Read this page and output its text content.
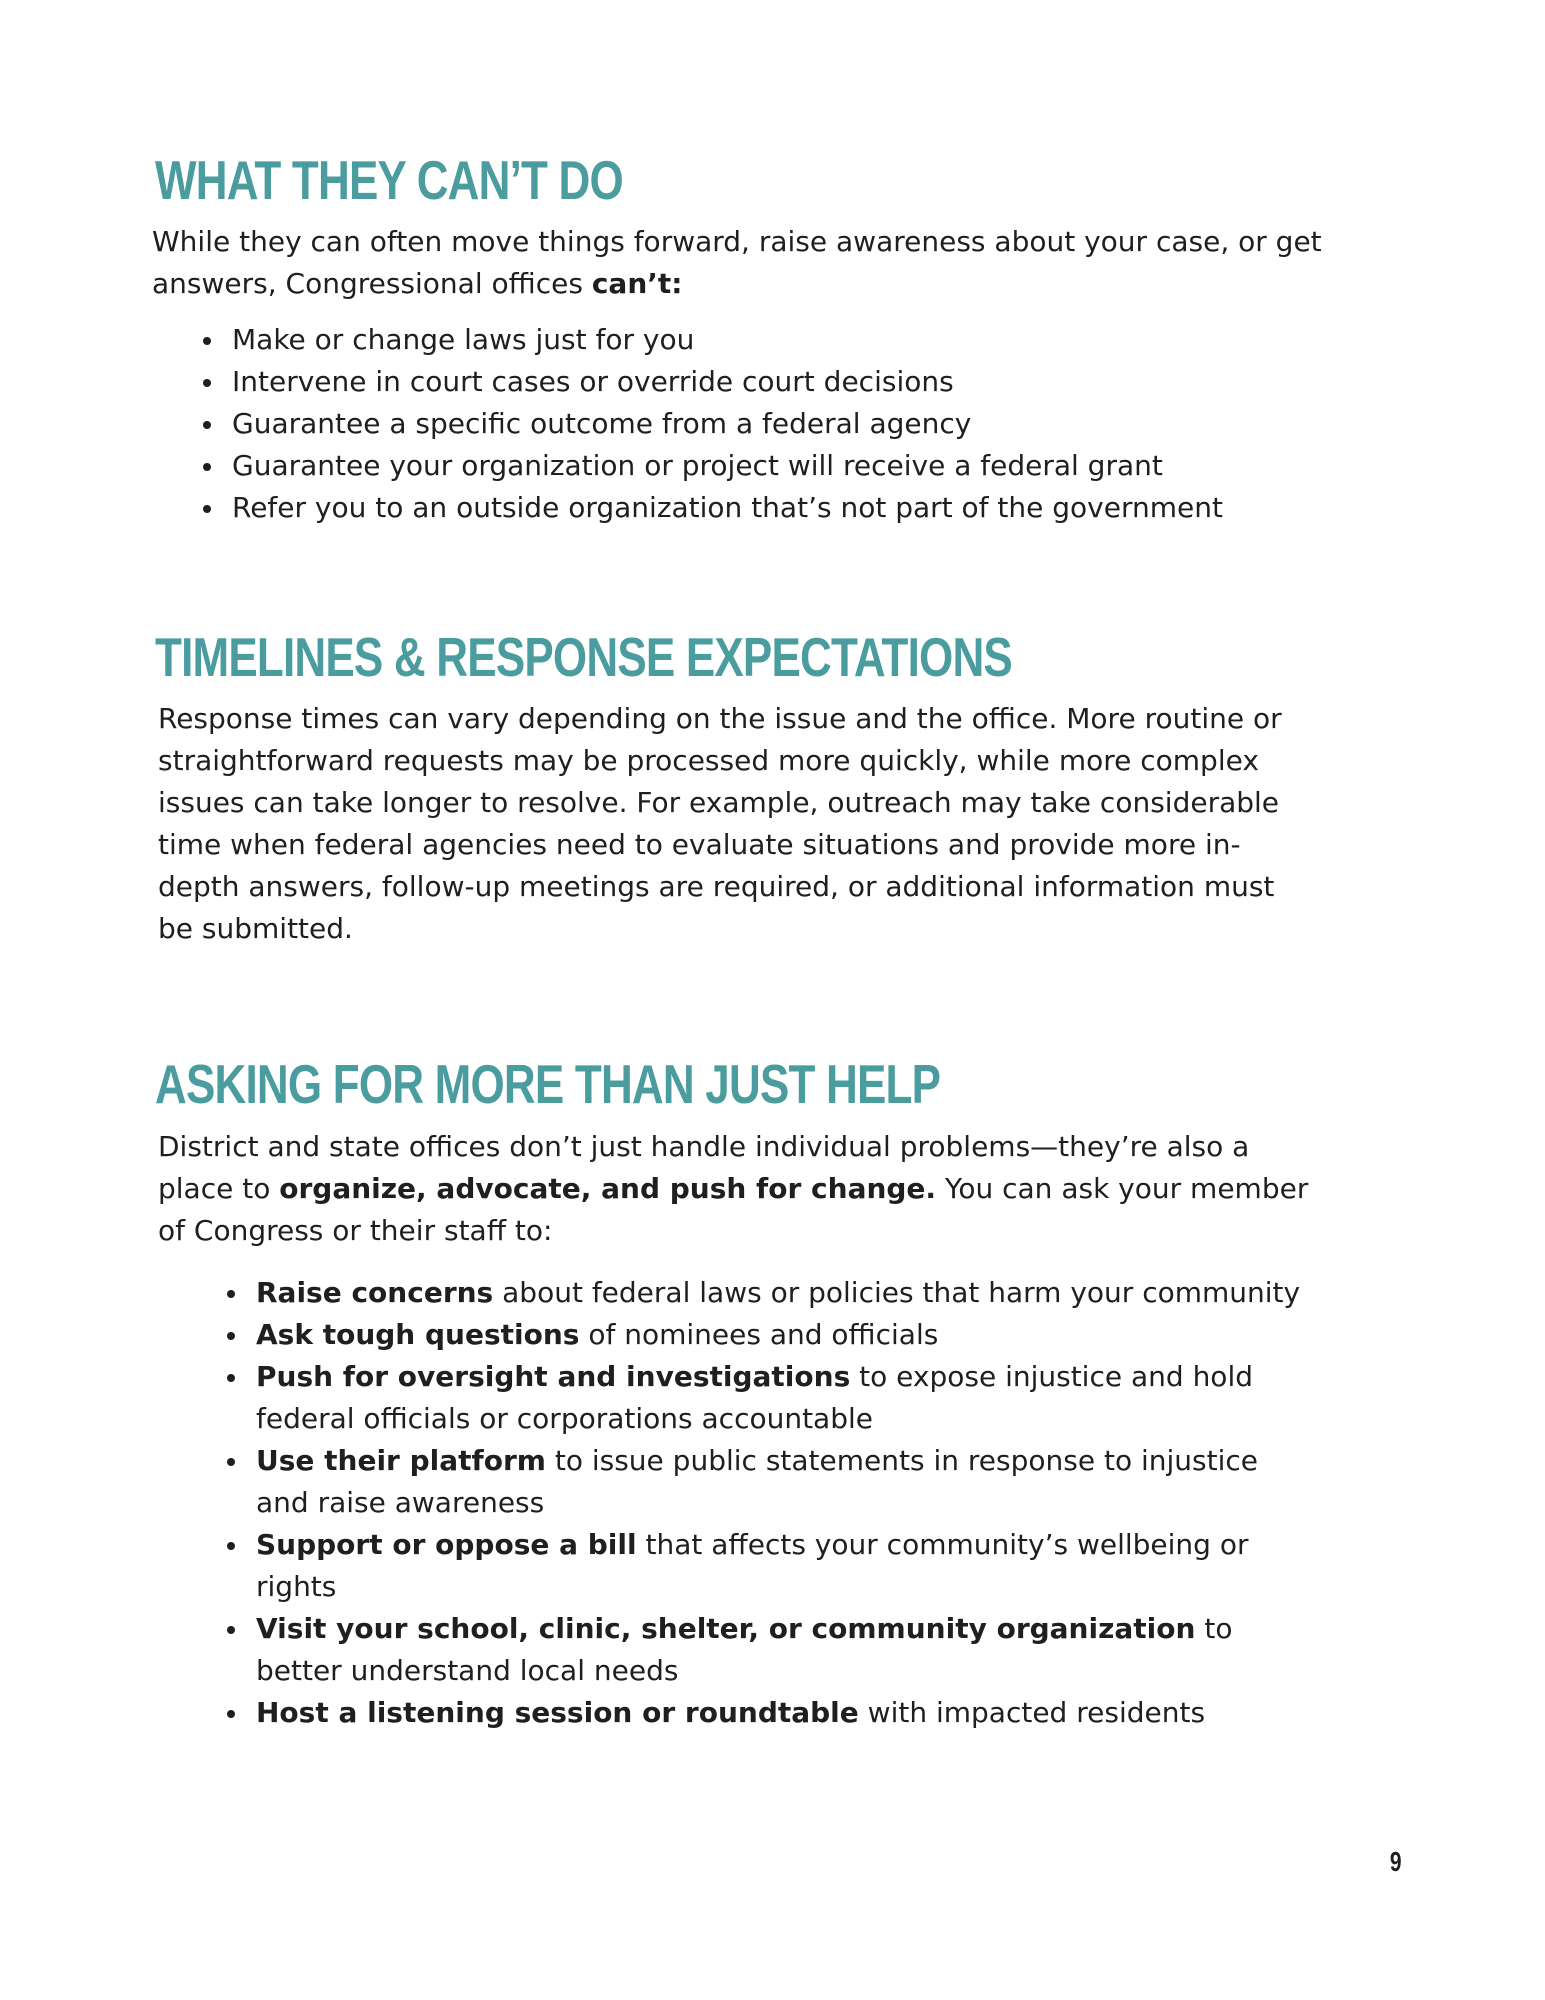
WHAT THEY CAN’T DO

While they can often move things forward, raise awareness about your case, or get answers, Congressional offices can’t:

Make or change laws just for you
Intervene in court cases or override court decisions
Guarantee a specific outcome from a federal agency
Guarantee your organization or project will receive a federal grant
Refer you to an outside organization that’s not part of the government
TIMELINES & RESPONSE EXPECTATIONS

Response times can vary depending on the issue and the office. More routine or straightforward requests may be processed more quickly, while more complex issues can take longer to resolve. For example, outreach may take considerable time when federal agencies need to evaluate situations and provide more in-depth answers, follow-up meetings are required, or additional information must be submitted.

ASKING FOR MORE THAN JUST HELP

District and state offices don’t just handle individual problems—they’re also a place to organize, advocate, and push for change. You can ask your member of Congress or their staff to:

Raise concerns about federal laws or policies that harm your community
Ask tough questions of nominees and officials
Push for oversight and investigations to expose injustice and hold federal officials or corporations accountable
Use their platform to issue public statements in response to injustice and raise awareness
Support or oppose a bill that affects your community’s wellbeing or rights
Visit your school, clinic, shelter, or community organization to better understand local needs
Host a listening session or roundtable with impacted residents
9
